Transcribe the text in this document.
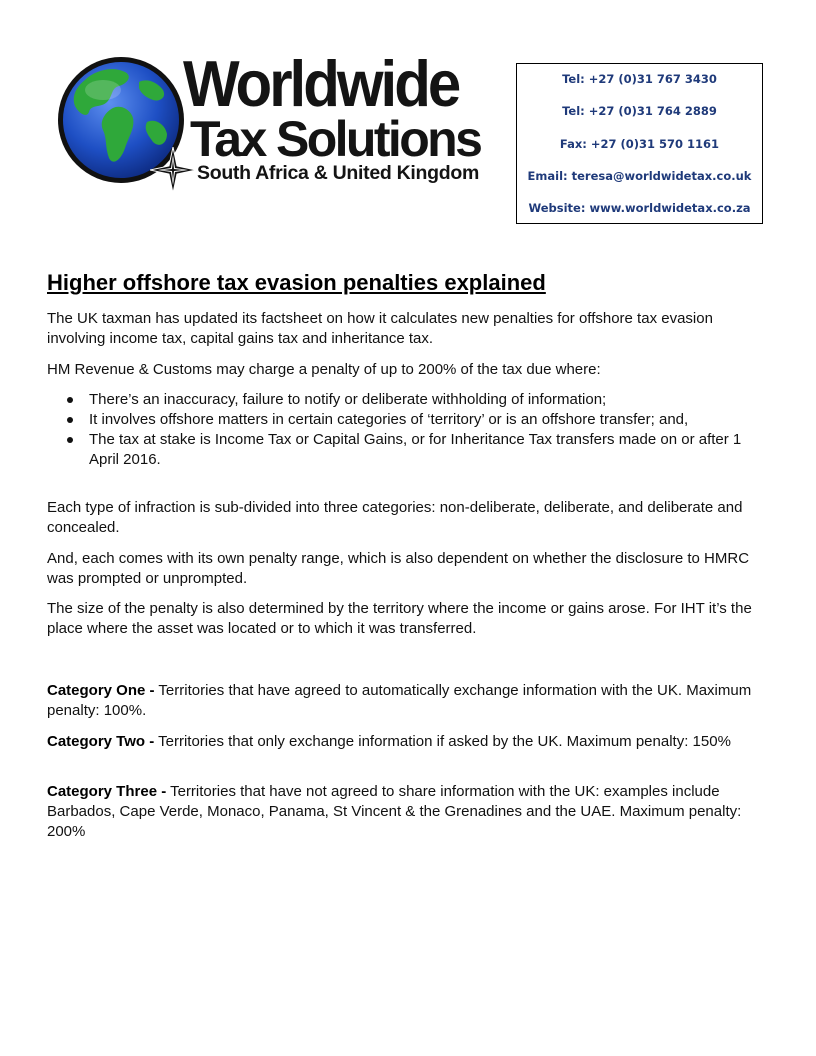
Worldwide
Tax Solutions
South Africa & United Kingdom
Tel: +27 (0)31 767 3430
Tel: +27 (0)31 764 2889
Fax: +27 (0)31 570 1161
Email: teresa@worldwidetax.co.uk
Website: www.worldwidetax.co.za
Higher offshore tax evasion penalties explained
The UK taxman has updated its factsheet on how it calculates new penalties for offshore tax evasion involving income tax, capital gains tax and inheritance tax.
HM Revenue & Customs may charge a penalty of up to 200% of the tax due where:
There’s an inaccuracy, failure to notify or deliberate withholding of information;
It involves offshore matters in certain categories of ‘territory’ or is an offshore transfer; and,
The tax at stake is Income Tax or Capital Gains, or for Inheritance Tax transfers made on or after 1 April 2016.
Each type of infraction is sub-divided into three categories: non-deliberate, deliberate, and deliberate and concealed.
And, each comes with its own penalty range, which is also dependent on whether the disclosure to HMRC was prompted or unprompted.
The size of the penalty is also determined by the territory where the income or gains arose. For IHT it’s the place where the asset was located or to which it was transferred.
Category One - Territories that have agreed to automatically exchange information with the UK. Maximum penalty: 100%.
Category Two - Territories that only exchange information if asked by the UK. Maximum penalty: 150%
Category Three - Territories that have not agreed to share information with the UK: examples include Barbados, Cape Verde, Monaco, Panama, St Vincent & the Grenadines and the UAE. Maximum penalty: 200%
